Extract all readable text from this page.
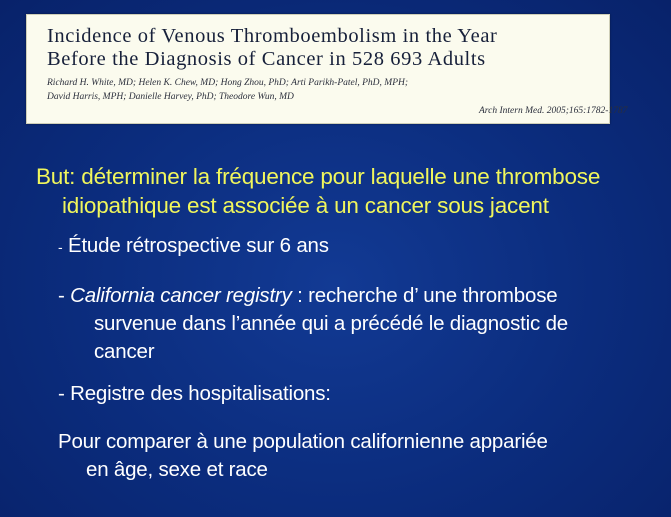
Incidence of Venous Thromboembolism in the Year
Before the Diagnosis of Cancer in 528 693 Adults
Richard H. White, MD; Helen K. Chew, MD; Hong Zhou, PhD; Arti Parikh-Patel, PhD, MPH;
David Harris, MPH; Danielle Harvey, PhD; Theodore Wun, MD
Arch Intern Med. 2005;165:1782-1787

But: déterminer la fréquence pour laquelle une thrombose
idiopathique est associée à un cancer sous jacent

- Étude rétrospective sur 6 ans
- California cancer registry : recherche d’ une thrombose
survenue dans l’année qui a précédé le diagnostic de
cancer
- Registre des hospitalisations:
Pour comparer à une population californienne appariée
en âge, sexe et race
